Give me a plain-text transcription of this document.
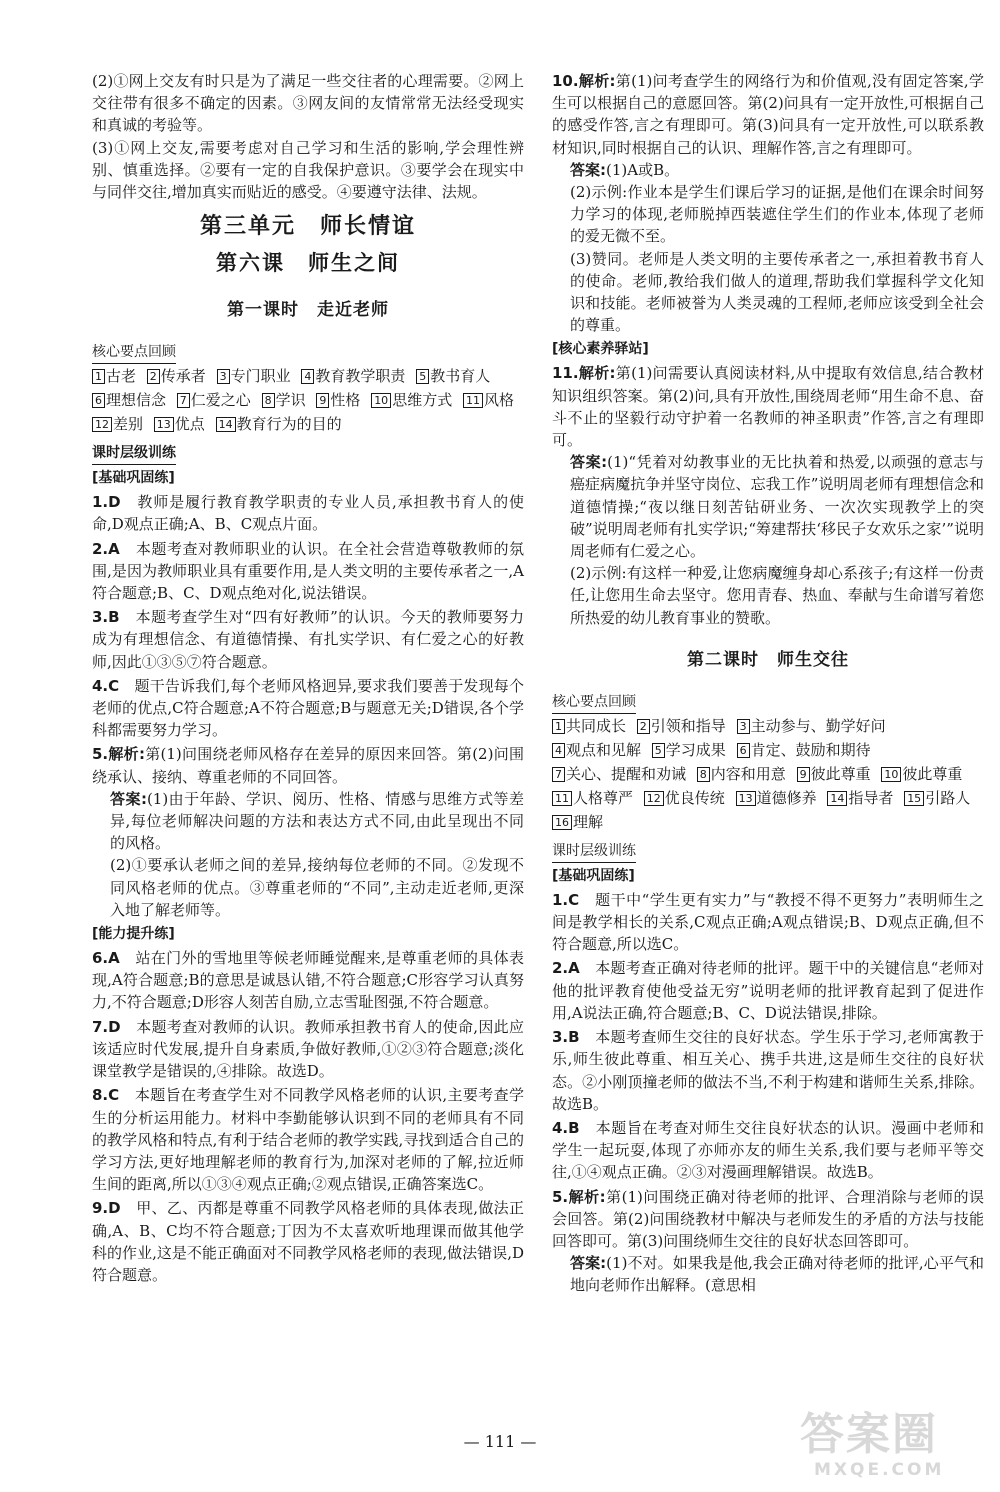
(2)①网上交友有时只是为了满足一些交往者的心理需要。②网上交往带有很多不确定的因素。③网友间的友情常常无法经受现实和真诚的考验等。

(3)①网上交友,需要考虑对自己学习和生活的影响,学会理性辨别、慎重选择。②要有一定的自我保护意识。③要学会在现实中与同伴交往,增加真实而贴近的感受。④要遵守法律、法规。

第三单元　师长情谊
第六课　师生之间
第一课时　走近老师
核心要点回顾
1 古老 2 传承者 3 专门职业 4 教育教学职责 5 教书育人 6 理想信念 7 仁爱之心 8 学识 9 性格 10 思维方式 11 风格 12 差别 13 优点 14 教育行为的目的
课时层级训练
[基础巩固练]

1.D　教师是履行教育教学职责的专业人员,承担教书育人的使命,D观点正确;A、B、C观点片面。

2.A　本题考查对教师职业的认识。在全社会营造尊敬教师的氛围,是因为教师职业具有重要作用,是人类文明的主要传承者之一,A符合题意;B、C、D观点绝对化,说法错误。

3.B　本题考查学生对“四有好教师”的认识。今天的教师要努力成为有理想信念、有道德情操、有扎实学识、有仁爱之心的好教师,因此①③⑤⑦符合题意。

4.C　题干告诉我们,每个老师风格迥异,要求我们要善于发现每个老师的优点,C符合题意;A不符合题意;B与题意无关;D错误,各个学科都需要努力学习。

5.解析:第(1)问围绕老师风格存在差异的原因来回答。第(2)问围绕承认、接纳、尊重老师的不同回答。

答案:(1)由于年龄、学识、阅历、性格、情感与思维方式等差异,每位老师解决问题的方法和表达方式不同,由此呈现出不同的风格。

(2)①要承认老师之间的差异,接纳每位老师的不同。②发现不同风格老师的优点。③尊重老师的“不同”,主动走近老师,更深入地了解老师等。

[能力提升练]

6.A　站在门外的雪地里等候老师睡觉醒来,是尊重老师的具体表现,A符合题意;B的意思是诚恳认错,不符合题意;C形容学习认真努力,不符合题意;D形容人刻苦自励,立志雪耻图强,不符合题意。

7.D　本题考查对教师的认识。教师承担教书育人的使命,因此应该适应时代发展,提升自身素质,争做好教师,①②③符合题意;淡化课堂教学是错误的,④排除。故选D。

8.C　本题旨在考查学生对不同教学风格老师的认识,主要考查学生的分析运用能力。材料中李勤能够认识到不同的老师具有不同的教学风格和特点,有利于结合老师的教学实践,寻找到适合自己的学习方法,更好地理解老师的教育行为,加深对老师的了解,拉近师生间的距离,所以①③④观点正确;②观点错误,正确答案选C。

9.D　甲、乙、丙都是尊重不同教学风格老师的具体表现,做法正确,A、B、C均不符合题意;丁因为不太喜欢听地理课而做其他学科的作业,这是不能正确面对不同教学风格老师的表现,做法错误,D符合题意。

10.解析:第(1)问考查学生的网络行为和价值观,没有固定答案,学生可以根据自己的意愿回答。第(2)问具有一定开放性,可根据自己的感受作答,言之有理即可。第(3)问具有一定开放性,可以联系教材知识,同时根据自己的认识、理解作答,言之有理即可。

答案:(1)A或B。

(2)示例:作业本是学生们课后学习的证据,是他们在课余时间努力学习的体现,老师脱掉西装遮住学生们的作业本,体现了老师的爱无微不至。

(3)赞同。老师是人类文明的主要传承者之一,承担着教书育人的使命。老师,教给我们做人的道理,帮助我们掌握科学文化知识和技能。老师被誉为人类灵魂的工程师,老师应该受到全社会的尊重。

[核心素养驿站]

11.解析:第(1)问需要认真阅读材料,从中提取有效信息,结合教材知识组织答案。第(2)问,具有开放性,围绕周老师“用生命不息、奋斗不止的坚毅行动守护着一名教师的神圣职责”作答,言之有理即可。

答案:(1)“凭着对幼教事业的无比执着和热爱,以顽强的意志与癌症病魔抗争并坚守岗位、忘我工作”说明周老师有理想信念和道德情操;“夜以继日刻苦钻研业务、一次次实现教学上的突破”说明周老师有扎实学识;“筹建帮扶‘移民子女欢乐之家’”说明周老师有仁爱之心。

(2)示例:有这样一种爱,让您病魔缠身却心系孩子;有这样一份责任,让您用生命去坚守。您用青春、热血、奉献与生命谱写着您所热爱的幼儿教育事业的赞歌。

第二课时　师生交往
核心要点回顾
1 共同成长 2 引领和指导 3 主动参与、勤学好问 4 观点和见解 5 学习成果 6 肯定、鼓励和期待 7 关心、提醒和劝诫 8 内容和用意 9 彼此尊重 10 彼此尊重 11 人格尊严 12 优良传统 13 道德修养 14 指导者 15 引路人 16 理解
课时层级训练
[基础巩固练]

1.C　题干中“学生更有实力”与“教授不得不更努力”表明师生之间是教学相长的关系,C观点正确;A观点错误;B、D观点正确,但不符合题意,所以选C。

2.A　本题考查正确对待老师的批评。题干中的关键信息“老师对他的批评教育使他受益无穷”说明老师的批评教育起到了促进作用,A说法正确,符合题意;B、C、D说法错误,排除。

3.B　本题考查师生交往的良好状态。学生乐于学习,老师寓教于乐,师生彼此尊重、相互关心、携手共进,这是师生交往的良好状态。②小刚顶撞老师的做法不当,不利于构建和谐师生关系,排除。故选B。

4.B　本题旨在考查对师生交往良好状态的认识。漫画中老师和学生一起玩耍,体现了亦师亦友的师生关系,我们要与老师平等交往,①④观点正确。②③对漫画理解错误。故选B。

5.解析:第(1)问围绕正确对待老师的批评、合理消除与老师的误会回答。第(2)问围绕教材中解决与老师发生的矛盾的方法与技能回答即可。第(3)问围绕师生交往的良好状态回答即可。

答案:(1)不对。如果我是他,我会正确对待老师的批评,心平气和地向老师作出解释。(意思相

— 111 —	答案圈
MXQE.COM
